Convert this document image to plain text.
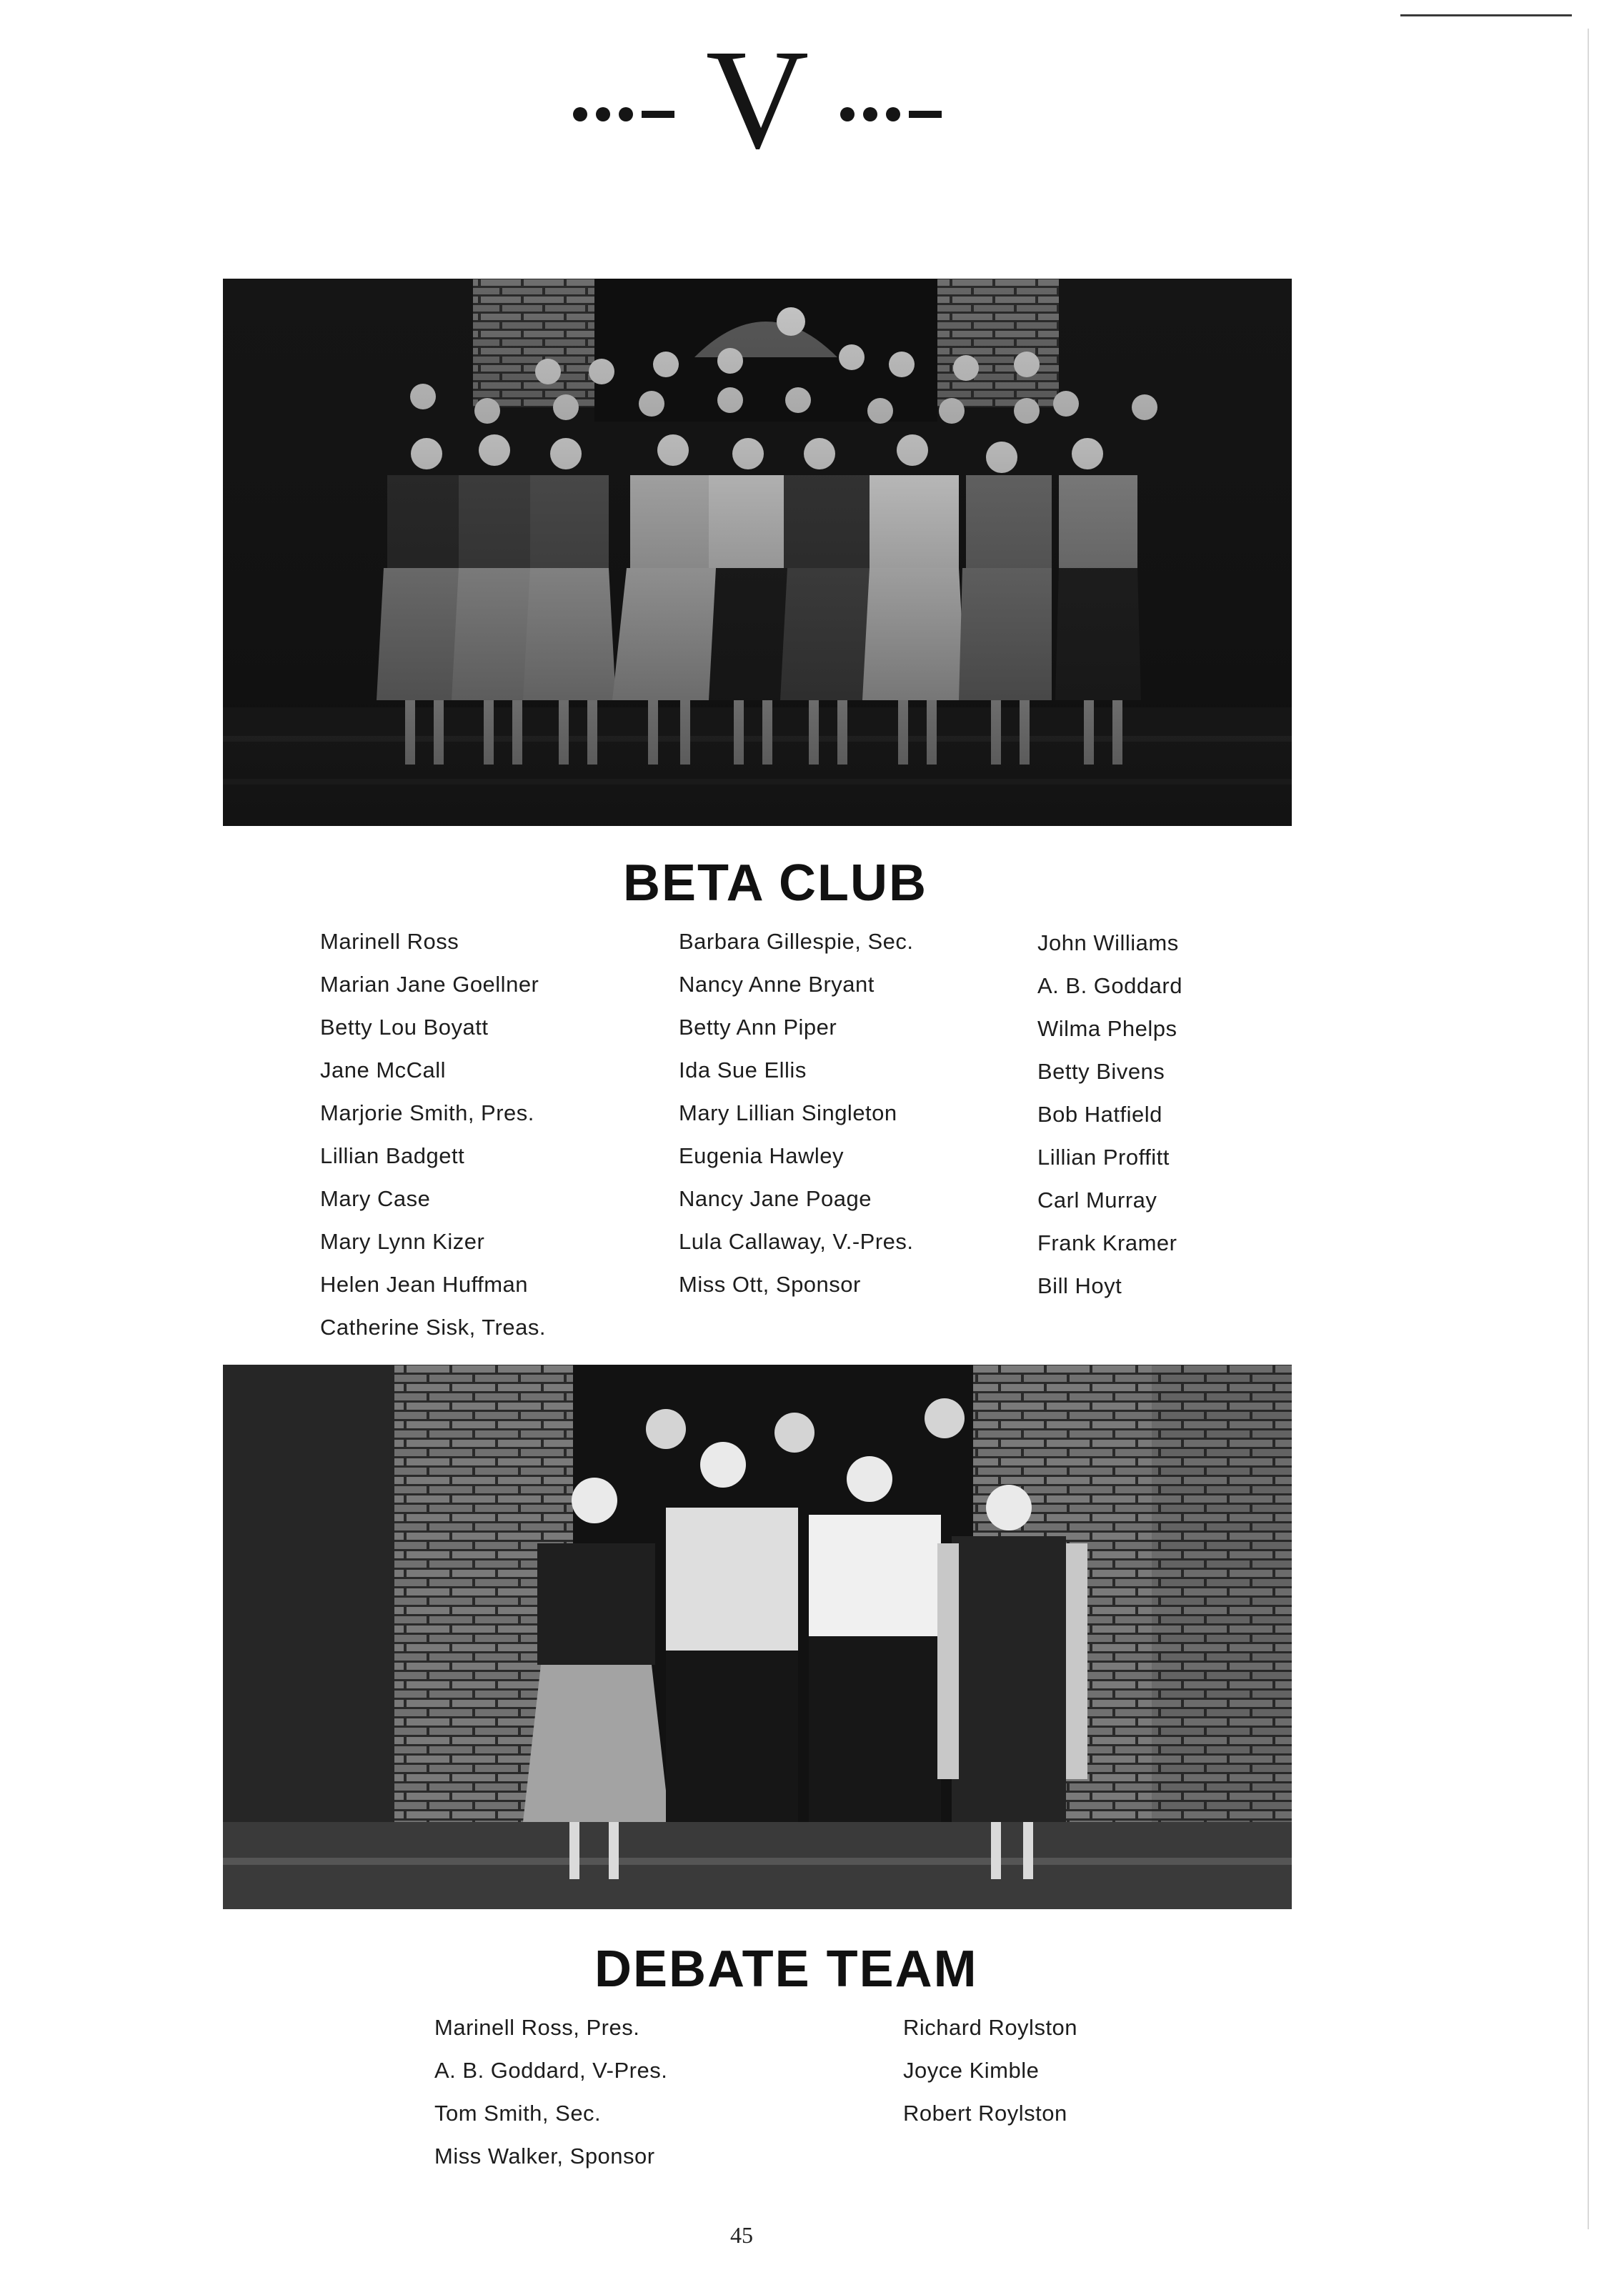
V
BETA CLUB
Marinell Ross
Marian Jane Goellner
Betty Lou Boyatt
Jane McCall
Marjorie Smith, Pres.
Lillian Badgett
Mary Case
Mary Lynn Kizer
Helen Jean Huffman
Catherine Sisk, Treas.
Barbara Gillespie, Sec.
Nancy Anne Bryant
Betty Ann Piper
Ida Sue Ellis
Mary Lillian Singleton
Eugenia Hawley
Nancy Jane Poage
Lula Callaway, V.-Pres.
Miss Ott, Sponsor
John Williams
A. B. Goddard
Wilma Phelps
Betty Bivens
Bob Hatfield
Lillian Proffitt
Carl Murray
Frank Kramer
Bill Hoyt
DEBATE TEAM
Marinell Ross, Pres.
A. B. Goddard, V-Pres.
Tom Smith, Sec.
Miss Walker, Sponsor
Richard Roylston
Joyce Kimble
Robert Roylston
45
